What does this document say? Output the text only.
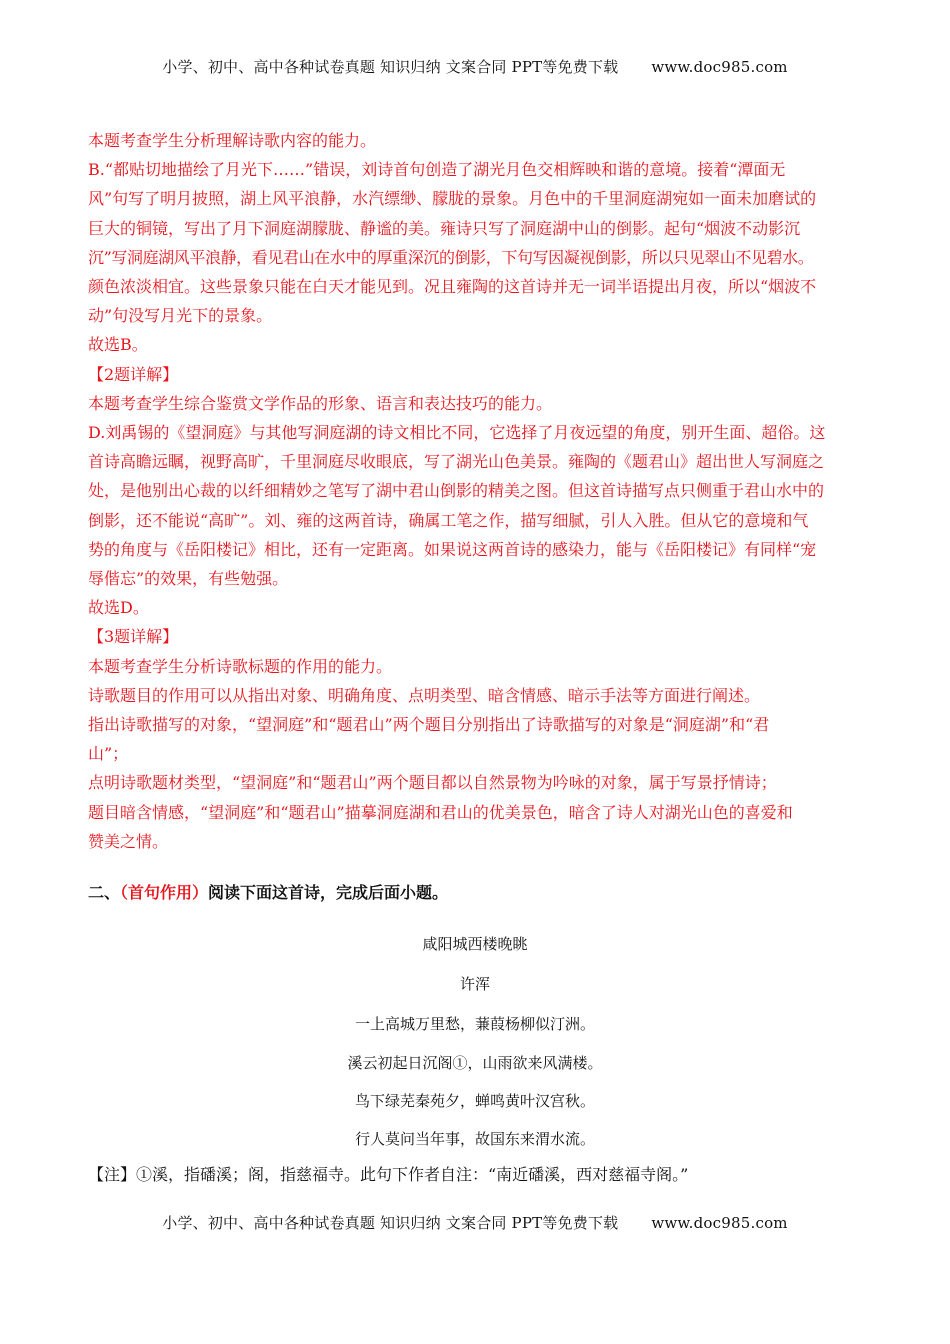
小学、初中、高中各种试卷真题 知识归纳 文案合同 PPT等免费下载 www.doc985.com

本题考查学生分析理解诗歌内容的能力。

B.“都贴切地描绘了月光下……”错误，刘诗首句创造了湖光月色交相辉映和谐的意境。接着“潭面无

风”句写了明月披照，湖上风平浪静，水汽缥缈、朦胧的景象。月色中的千里洞庭湖宛如一面未加磨试的

巨大的铜镜，写出了月下洞庭湖朦胧、静谧的美。雍诗只写了洞庭湖中山的倒影。起句“烟波不动影沉

沉”写洞庭湖风平浪静，看见君山在水中的厚重深沉的倒影，下句写因凝视倒影，所以只见翠山不见碧水。

颜色浓淡相宜。这些景象只能在白天才能见到。况且雍陶的这首诗并无一词半语提出月夜，所以“烟波不

动”句没写月光下的景象。

故选B。

【2题详解】

本题考查学生综合鉴赏文学作品的形象、语言和表达技巧的能力。

D.刘禹锡的《望洞庭》与其他写洞庭湖的诗文相比不同，它选择了月夜远望的角度，别开生面、超俗。这

首诗高瞻远瞩，视野高旷，千里洞庭尽收眼底，写了湖光山色美景。雍陶的《题君山》超出世人写洞庭之

处，是他别出心裁的以纤细精妙之笔写了湖中君山倒影的精美之图。但这首诗描写点只侧重于君山水中的

倒影，还不能说“高旷”。刘、雍的这两首诗，确属工笔之作，描写细腻，引人入胜。但从它的意境和气

势的角度与《岳阳楼记》相比，还有一定距离。如果说这两首诗的感染力，能与《岳阳楼记》有同样“宠

辱偕忘”的效果，有些勉强。

故选D。

【3题详解】

本题考查学生分析诗歌标题的作用的能力。

诗歌题目的作用可以从指出对象、明确角度、点明类型、暗含情感、暗示手法等方面进行阐述。

指出诗歌描写的对象，“望洞庭”和“题君山”两个题目分别指出了诗歌描写的对象是“洞庭湖”和“君

山”；

点明诗歌题材类型，“望洞庭”和“题君山”两个题目都以自然景物为吟咏的对象，属于写景抒情诗；

题目暗含情感，“望洞庭”和“题君山”描摹洞庭湖和君山的优美景色，暗含了诗人对湖光山色的喜爱和

赞美之情。

二、（首句作用）阅读下面这首诗，完成后面小题。
咸阳城西楼晚眺
许浑
一上高城万里愁，蒹葭杨柳似汀洲。
溪云初起日沉阁①，山雨欲来风满楼。
鸟下绿芜秦苑夕，蝉鸣黄叶汉宫秋。
行人莫问当年事，故国东来渭水流。
【注】①溪，指磻溪；阁，指慈福寺。此句下作者自注：“南近磻溪，西对慈福寺阁。”
小学、初中、高中各种试卷真题 知识归纳 文案合同 PPT等免费下载 www.doc985.com
